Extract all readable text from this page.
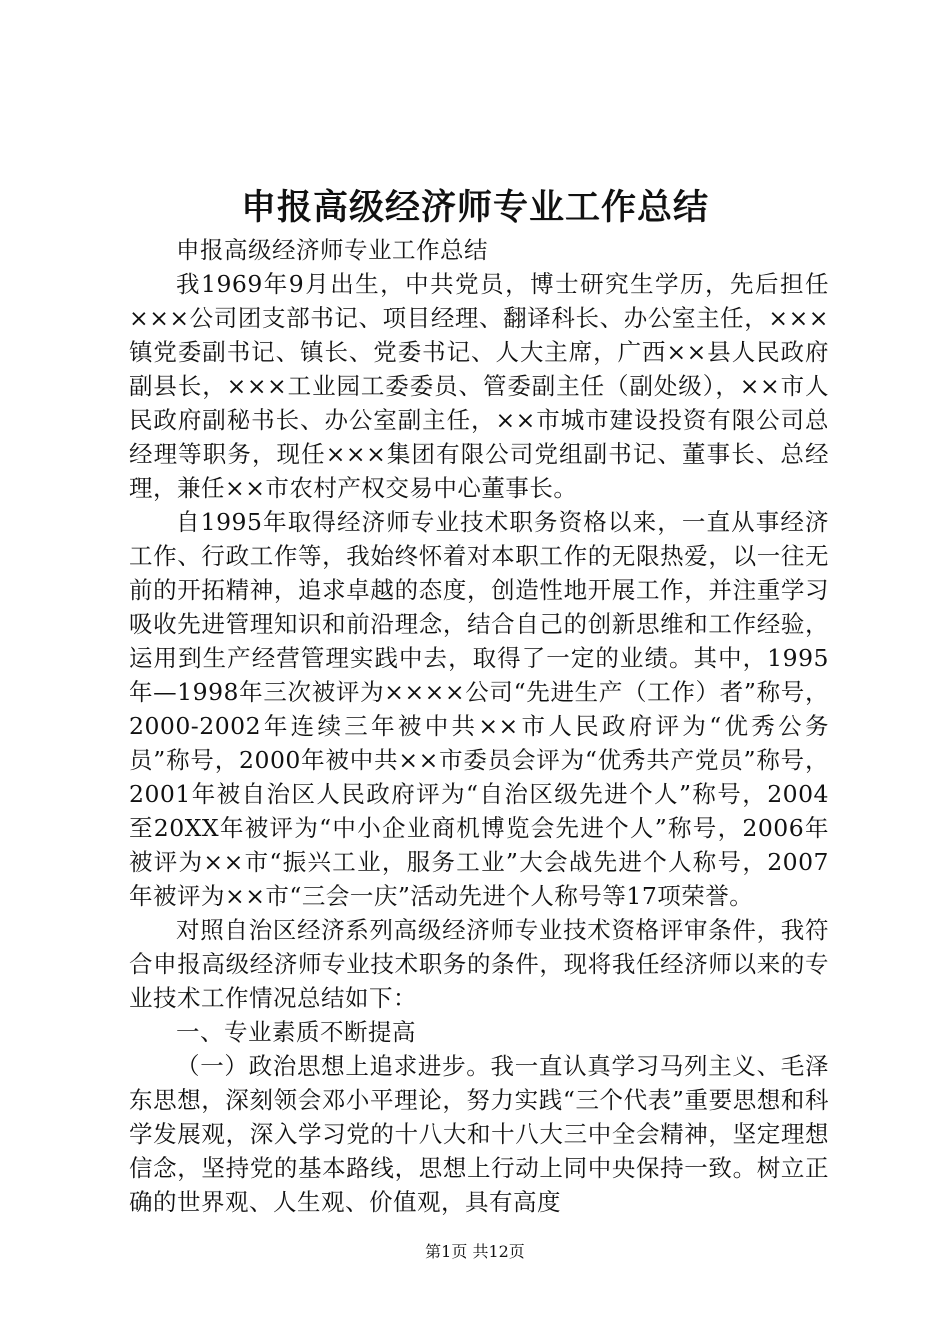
申报高级经济师专业工作总结

申报高级经济师专业工作总结

我1969年9月出生，中共党员，博士研究生学历，先后担任×××公司团支部书记、项目经理、翻译科长、办公室主任，×××镇党委副书记、镇长、党委书记、人大主席，广西××县人民政府副县长，×××工业园工委委员、管委副主任（副处级），××市人民政府副秘书长、办公室副主任，××市城市建设投资有限公司总经理等职务，现任×××集团有限公司党组副书记、董事长、总经理，兼任××市农村产权交易中心董事长。

自1995年取得经济师专业技术职务资格以来，一直从事经济工作、行政工作等，我始终怀着对本职工作的无限热爱，以一往无前的开拓精神，追求卓越的态度，创造性地开展工作，并注重学习吸收先进管理知识和前沿理念，结合自己的创新思维和工作经验，运用到生产经营管理实践中去，取得了一定的业绩。其中，1995年—1998年三次被评为××××公司“先进生产（工作）者”称号，2000-2002年连续三年被中共××市人民政府评为“优秀公务员”称号，2000年被中共××市委员会评为“优秀共产党员”称号，2001年被自治区人民政府评为“自治区级先进个人”称号，2004至20XX年被评为“中小企业商机博览会先进个人”称号，2006年被评为××市“振兴工业，服务工业”大会战先进个人称号，2007年被评为××市“三会一庆”活动先进个人称号等17项荣誉。

对照自治区经济系列高级经济师专业技术资格评审条件，我符合申报高级经济师专业技术职务的条件，现将我任经济师以来的专业技术工作情况总结如下：

一、专业素质不断提高

（一）政治思想上追求进步。我一直认真学习马列主义、毛泽东思想，深刻领会邓小平理论，努力实践“三个代表”重要思想和科学发展观，深入学习党的十八大和十八大三中全会精神，坚定理想信念，坚持党的基本路线，思想上行动上同中央保持一致。树立正确的世界观、人生观、价值观，具有高度

第1页 共12页
